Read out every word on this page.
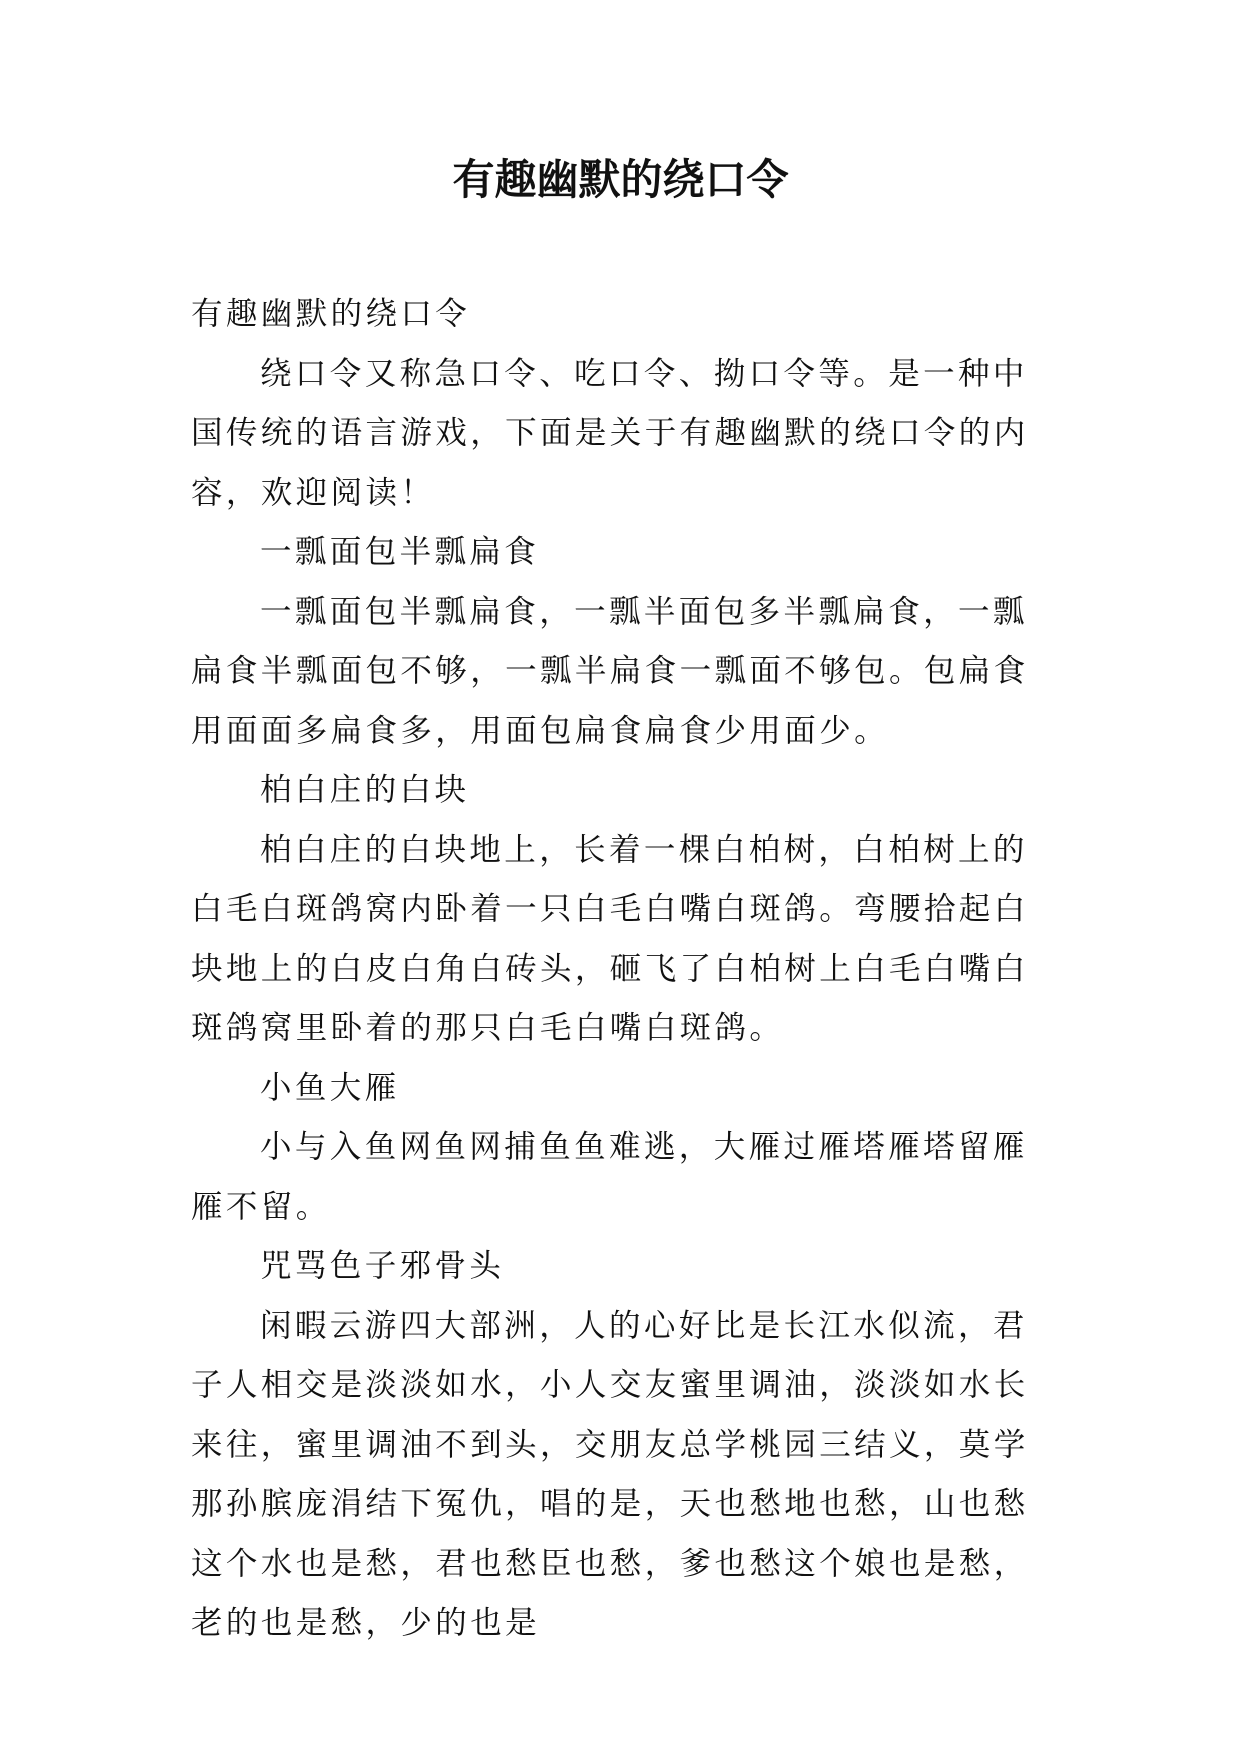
有趣幽默的绕口令

有趣幽默的绕口令

绕口令又称急口令、吃口令、拗口令等。是一种中国传统的语言游戏，下面是关于有趣幽默的绕口令的内容，欢迎阅读！

一瓢面包半瓢扁食

一瓢面包半瓢扁食，一瓢半面包多半瓢扁食，一瓢扁食半瓢面包不够，一瓢半扁食一瓢面不够包。包扁食用面面多扁食多，用面包扁食扁食少用面少。

柏白庄的白块

柏白庄的白块地上，长着一棵白柏树，白柏树上的白毛白斑鸽窝内卧着一只白毛白嘴白斑鸽。弯腰拾起白块地上的白皮白角白砖头，砸飞了白柏树上白毛白嘴白斑鸽窝里卧着的那只白毛白嘴白斑鸽。

小鱼大雁

小与入鱼网鱼网捕鱼鱼难逃，大雁过雁塔雁塔留雁雁不留。

咒骂色子邪骨头

闲暇云游四大部洲，人的心好比是长江水似流，君子人相交是淡淡如水，小人交友蜜里调油，淡淡如水长来往，蜜里调油不到头，交朋友总学桃园三结义，莫学那孙膑庞涓结下冤仇，唱的是，天也愁地也愁，山也愁这个水也是愁，君也愁臣也愁，爹也愁这个娘也是愁，老的也是愁，少的也是
